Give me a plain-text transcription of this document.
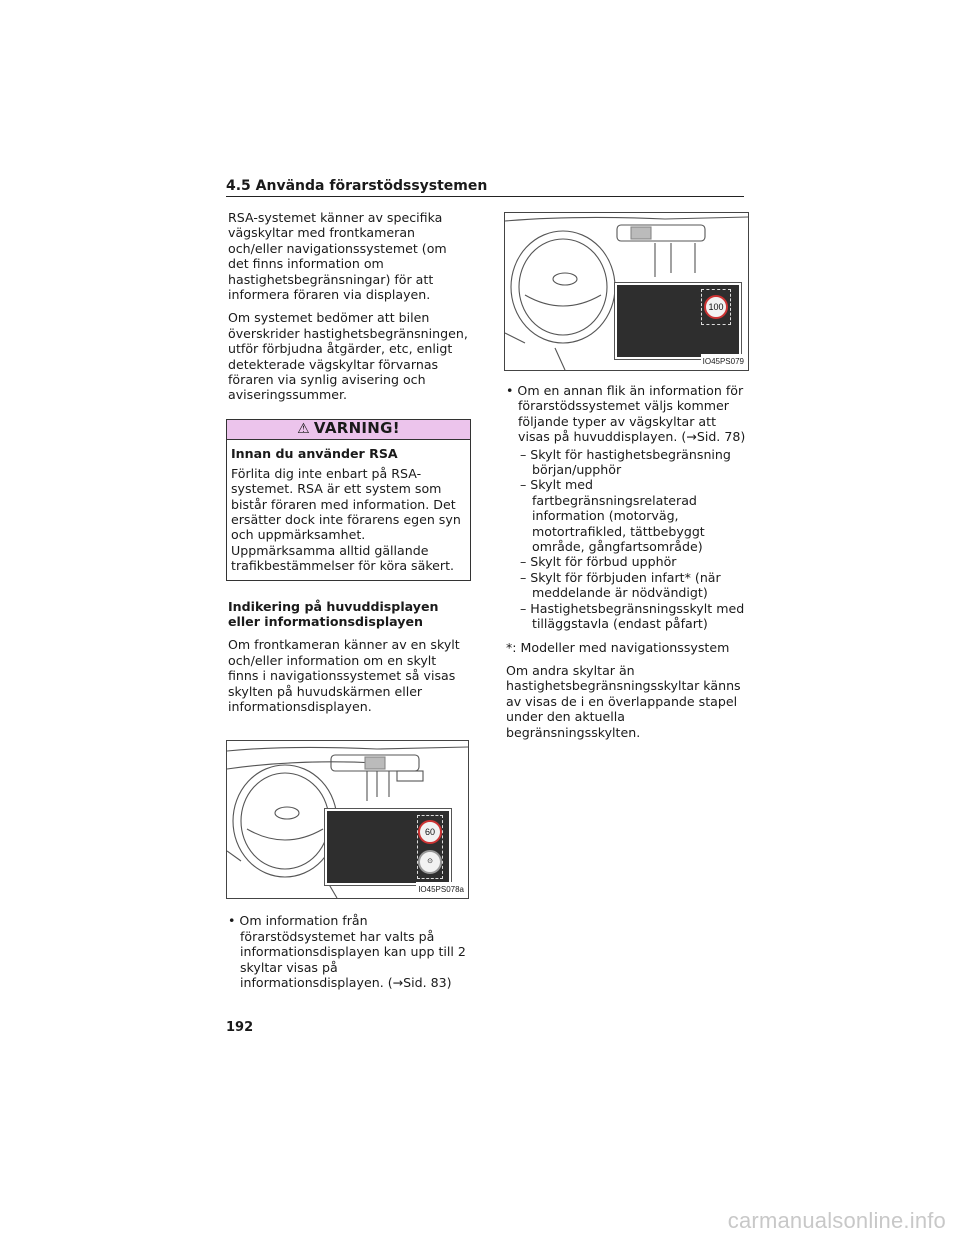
4.5 Använda förarstödssystemen

RSA-systemet känner av specifika vägskyltar med frontkameran och/eller navigationssystemet (om det finns information om hastighetsbegränsningar) för att informera föraren via displayen.

Om systemet bedömer att bilen överskrider hastighetsbegränsningen, utför förbjudna åtgärder, etc, enligt detekterade vägskyltar förvarnas föraren via synlig avisering och aviseringssummer.

⚠ VARNING!
Innan du använder RSA
Förlita dig inte enbart på RSA-systemet. RSA är ett system som bistår föraren med information. Det ersätter dock inte förarens egen syn och uppmärksamhet. Uppmärksamma alltid gällande trafikbestämmelser för köra säkert.

Indikering på huvuddisplayen eller informationsdisplayen

Om frontkameran känner av en skylt och/eller information om en skylt finns i navigationssystemet så visas skylten på huvudskärmen eller informationsdisplayen.

60
⊙
IO45PS078a

• Om information från förarstödsystemet har valts på informationsdisplayen kan upp till 2 skyltar visas på informationsdisplayen. (→Sid. 83)

100
IO45PS079

• Om en annan flik än information för förarstödssystemet väljs kommer följande typer av vägskyltar att visas på huvuddisplayen. (→Sid. 78)

– Skylt för hastighetsbegränsning början/upphör

– Skylt med fartbegränsningsrelaterad information (motorväg, motortrafikled, tättbebyggt område, gångfartsområde)

– Skylt för förbud upphör

– Skylt för förbjuden infart* (när meddelande är nödvändigt)

– Hastighetsbegränsningsskylt med tilläggstavla (endast påfart)

*: Modeller med navigationssystem

Om andra skyltar än hastighetsbegränsningsskyltar känns av visas de i en överlappande stapel under den aktuella begränsningsskylten.

192
carmanualsonline.info
